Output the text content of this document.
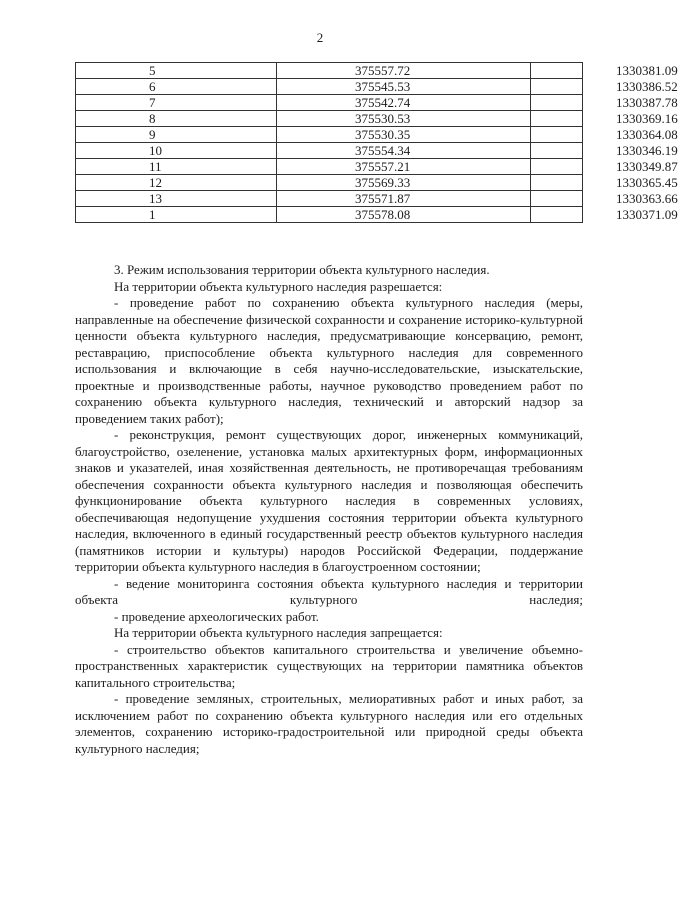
2
5	375557.72	1330381.09
6	375545.53	1330386.52
7	375542.74	1330387.78
8	375530.53	1330369.16
9	375530.35	1330364.08
10	375554.34	1330346.19
11	375557.21	1330349.87
12	375569.33	1330365.45
13	375571.87	1330363.66
1	375578.08	1330371.09

3. Режим использования территории объекта культурного наследия.

На территории объекта культурного наследия разрешается:

- проведение работ по сохранению объекта культурного наследия (меры, направленные на обеспечение физической сохранности и сохранение историко-культурной ценности объекта культурного наследия, предусматривающие консервацию, ремонт, реставрацию, приспособление объекта культурного наследия для современного использования и включающие в себя научно-исследовательские, изыскательские, проектные и производственные работы, научное руководство проведением работ по сохранению объекта культурного наследия, технический и авторский надзор за проведением таких работ);

- реконструкция, ремонт существующих дорог, инженерных коммуникаций, благоустройство, озеленение, установка малых архитектурных форм, информационных знаков и указателей, иная хозяйственная деятельность, не противоречащая требованиям обеспечения сохранности объекта культурного наследия и позволяющая обеспечить функционирование объекта культурного наследия в современных условиях, обеспечивающая недопущение ухудшения состояния территории объекта культурного наследия, включенного в единый государственный реестр объектов культурного наследия (памятников истории и культуры) народов Российской Федерации, поддержание территории объекта культурного наследия в благоустроенном состоянии;

- ведение мониторинга состояния объекта культурного наследия и территории объекта культурного наследия;

- проведение археологических работ.

На территории объекта культурного наследия запрещается:

- строительство объектов капитального строительства и увеличение объемно-пространственных характеристик существующих на территории памятника объектов капитального строительства;

- проведение земляных, строительных, мелиоративных работ и иных работ, за исключением работ по сохранению объекта культурного наследия или его отдельных элементов, сохранению историко-градостроительной или природной среды объекта культурного наследия;
